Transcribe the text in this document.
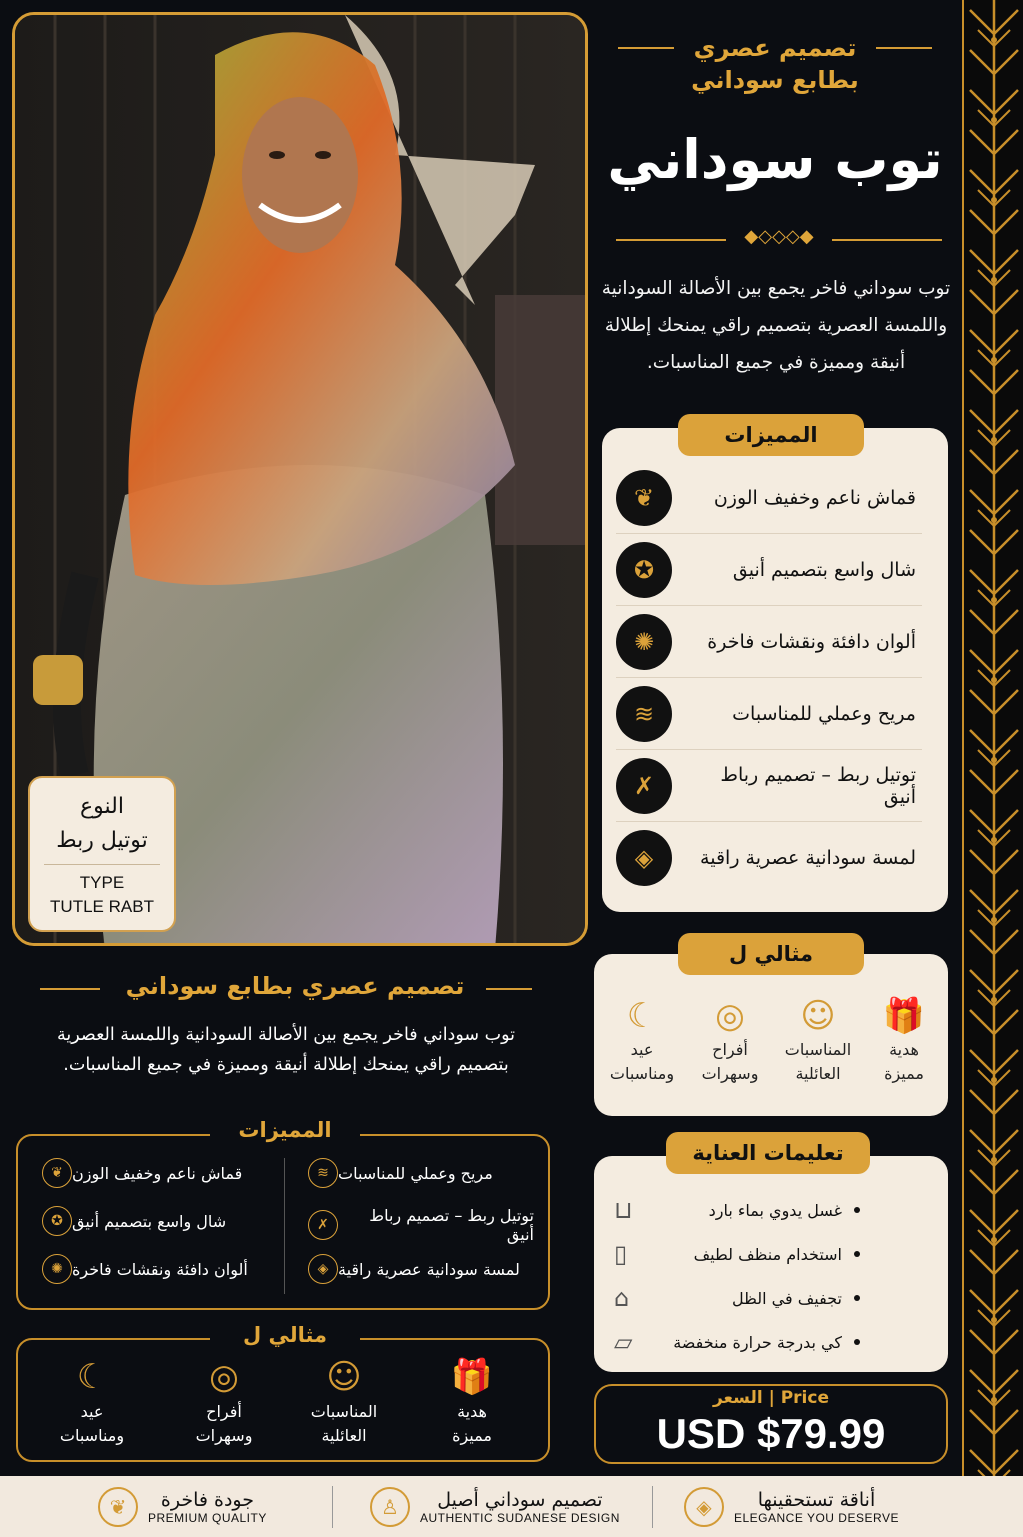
النوع
توتيل ربط
TYPE
TUTLE RABT
تصميم عصري
بطابع سوداني
توب سوداني
◆◇◇◇◆
توب سوداني فاخر يجمع بين الأصالة السودانية واللمسة العصرية بتصميم راقي يمنحك إطلالة أنيقة ومميزة في جميع المناسبات.
❦	قماش ناعم وخفيف الوزن
✪	شال واسع بتصميم أنيق
✺	ألوان دافئة ونقشات فاخرة
≋	مريح وعملي للمناسبات
✗	توتيل ربط – تصميم رباط أنيق
◈	لمسة سودانية عصرية راقية
المميزات
🎁
هدية
مميزة
☺
المناسبات
العائلية
◎
أفراح
وسهرات
☾
عيد
ومناسبات
مثالي ل
غسل يدوي بماء بارد
⊔
استخدام منظف لطيف
▯
تجفيف في الظل
⌂
كي بدرجة حرارة منخفضة
▱
تعليمات العناية
السعر | Price
USD $79.99
تصميم عصري بطابع سوداني
توب سوداني فاخر يجمع بين الأصالة السودانية واللمسة العصرية بتصميم راقي يمنحك إطلالة أنيقة ومميزة في جميع المناسبات.
❦ قماش ناعم وخفيف الوزن
✪ شال واسع بتصميم أنيق
✺ ألوان دافئة ونقشات فاخرة
≋ مريح وعملي للمناسبات
✗	توتيل ربط – تصميم رباط أنيق
◈ لمسة سودانية عصرية راقية
المميزات
🎁
هدية
مميزة
☺
المناسبات
العائلية
◎
أفراح
وسهرات
☾
عيد
ومناسبات
مثالي ل
◈	أناقة تستحقينها
ELEGANCE YOU DESERVE
♙	تصميم سوداني أصيل
AUTHENTIC SUDANESE DESIGN
❦	جودة فاخرة
PREMIUM QUALITY
